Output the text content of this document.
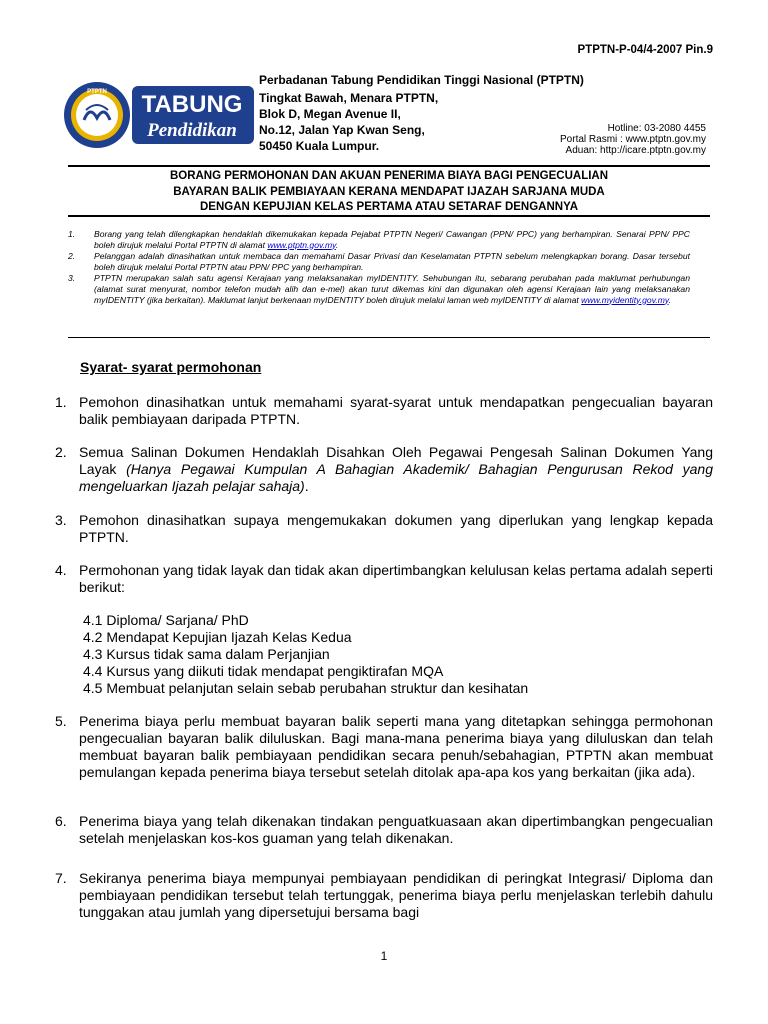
PTPTN-P-04/4-2007 Pin.9
PTPTN TABUNG
Pendidikan
Perbadanan Tabung Pendidikan Tinggi Nasional (PTPTN)
Tingkat Bawah, Menara PTPTN,
Blok D, Megan Avenue II,
No.12, Jalan Yap Kwan Seng,
50450 Kuala Lumpur.
Hotline: 03-2080 4455
Portal Rasmi : www.ptptn.gov.my
Aduan: http://icare.ptptn.gov.my
BORANG PERMOHONAN DAN AKUAN PENERIMA BIAYA BAGI PENGECUALIAN
BAYARAN BALIK PEMBIAYAAN KERANA MENDAPAT IJAZAH SARJANA MUDA
DENGAN KEPUJIAN KELAS PERTAMA ATAU SETARAF DENGANNYA
1.	Borang yang telah dilengkapkan hendaklah dikemukakan kepada Pejabat PTPTN Negeri/ Cawangan (PPN/ PPC) yang berhampiran. Senarai PPN/ PPC boleh dirujuk melalui Portal PTPTN di alamat www.ptptn.gov.my.
2.	Pelanggan adalah dinasihatkan untuk membaca dan memahami Dasar Privasi dan Keselamatan PTPTN sebelum melengkapkan borang. Dasar tersebut boleh dirujuk melalui Portal PTPTN atau PPN/ PPC yang berhampiran.
3.	PTPTN merupakan salah satu agensi Kerajaan yang melaksanakan myIDENTITY. Sehubungan itu, sebarang perubahan pada maklumat perhubungan (alamat surat menyurat, nombor telefon mudah alih dan e-mel) akan turut dikemas kini dan digunakan oleh agensi Kerajaan lain yang melaksanakan myIDENTITY (jika berkaitan). Maklumat lanjut berkenaan myIDENTITY boleh dirujuk melalui laman web myIDENTITY di alamat www.myidentity.gov.my.
Syarat- syarat permohonan
1. Pemohon dinasihatkan untuk memahami syarat-syarat untuk mendapatkan pengecualian bayaran balik pembiayaan daripada PTPTN.
2. Semua Salinan Dokumen Hendaklah Disahkan Oleh Pegawai Pengesah Salinan Dokumen Yang Layak (Hanya Pegawai Kumpulan A Bahagian Akademik/ Bahagian Pengurusan Rekod yang mengeluarkan Ijazah pelajar sahaja).
3. Pemohon dinasihatkan supaya mengemukakan dokumen yang diperlukan yang lengkap kepada PTPTN.
4. Permohonan yang tidak layak dan tidak akan dipertimbangkan kelulusan kelas pertama adalah seperti berikut:
4.1 Diploma/ Sarjana/ PhD
4.2 Mendapat Kepujian Ijazah Kelas Kedua
4.3 Kursus tidak sama dalam Perjanjian
4.4 Kursus yang diikuti tidak mendapat pengiktirafan MQA
4.5 Membuat pelanjutan selain sebab perubahan struktur dan kesihatan
5. Penerima biaya perlu membuat bayaran balik seperti mana yang ditetapkan sehingga permohonan pengecualian bayaran balik diluluskan. Bagi mana-mana penerima biaya yang diluluskan dan telah membuat bayaran balik pembiayaan pendidikan secara penuh/sebahagian, PTPTN akan membuat pemulangan kepada penerima biaya tersebut setelah ditolak apa-apa kos yang berkaitan (jika ada).
6. Penerima biaya yang telah dikenakan tindakan penguatkuasaan akan dipertimbangkan pengecualian setelah menjelaskan kos-kos guaman yang telah dikenakan.
7. Sekiranya penerima biaya mempunyai pembiayaan pendidikan di peringkat Integrasi/ Diploma dan pembiayaan pendidikan tersebut telah tertunggak, penerima biaya perlu menjelaskan terlebih dahulu tunggakan atau jumlah yang dipersetujui bersama bagi
1
